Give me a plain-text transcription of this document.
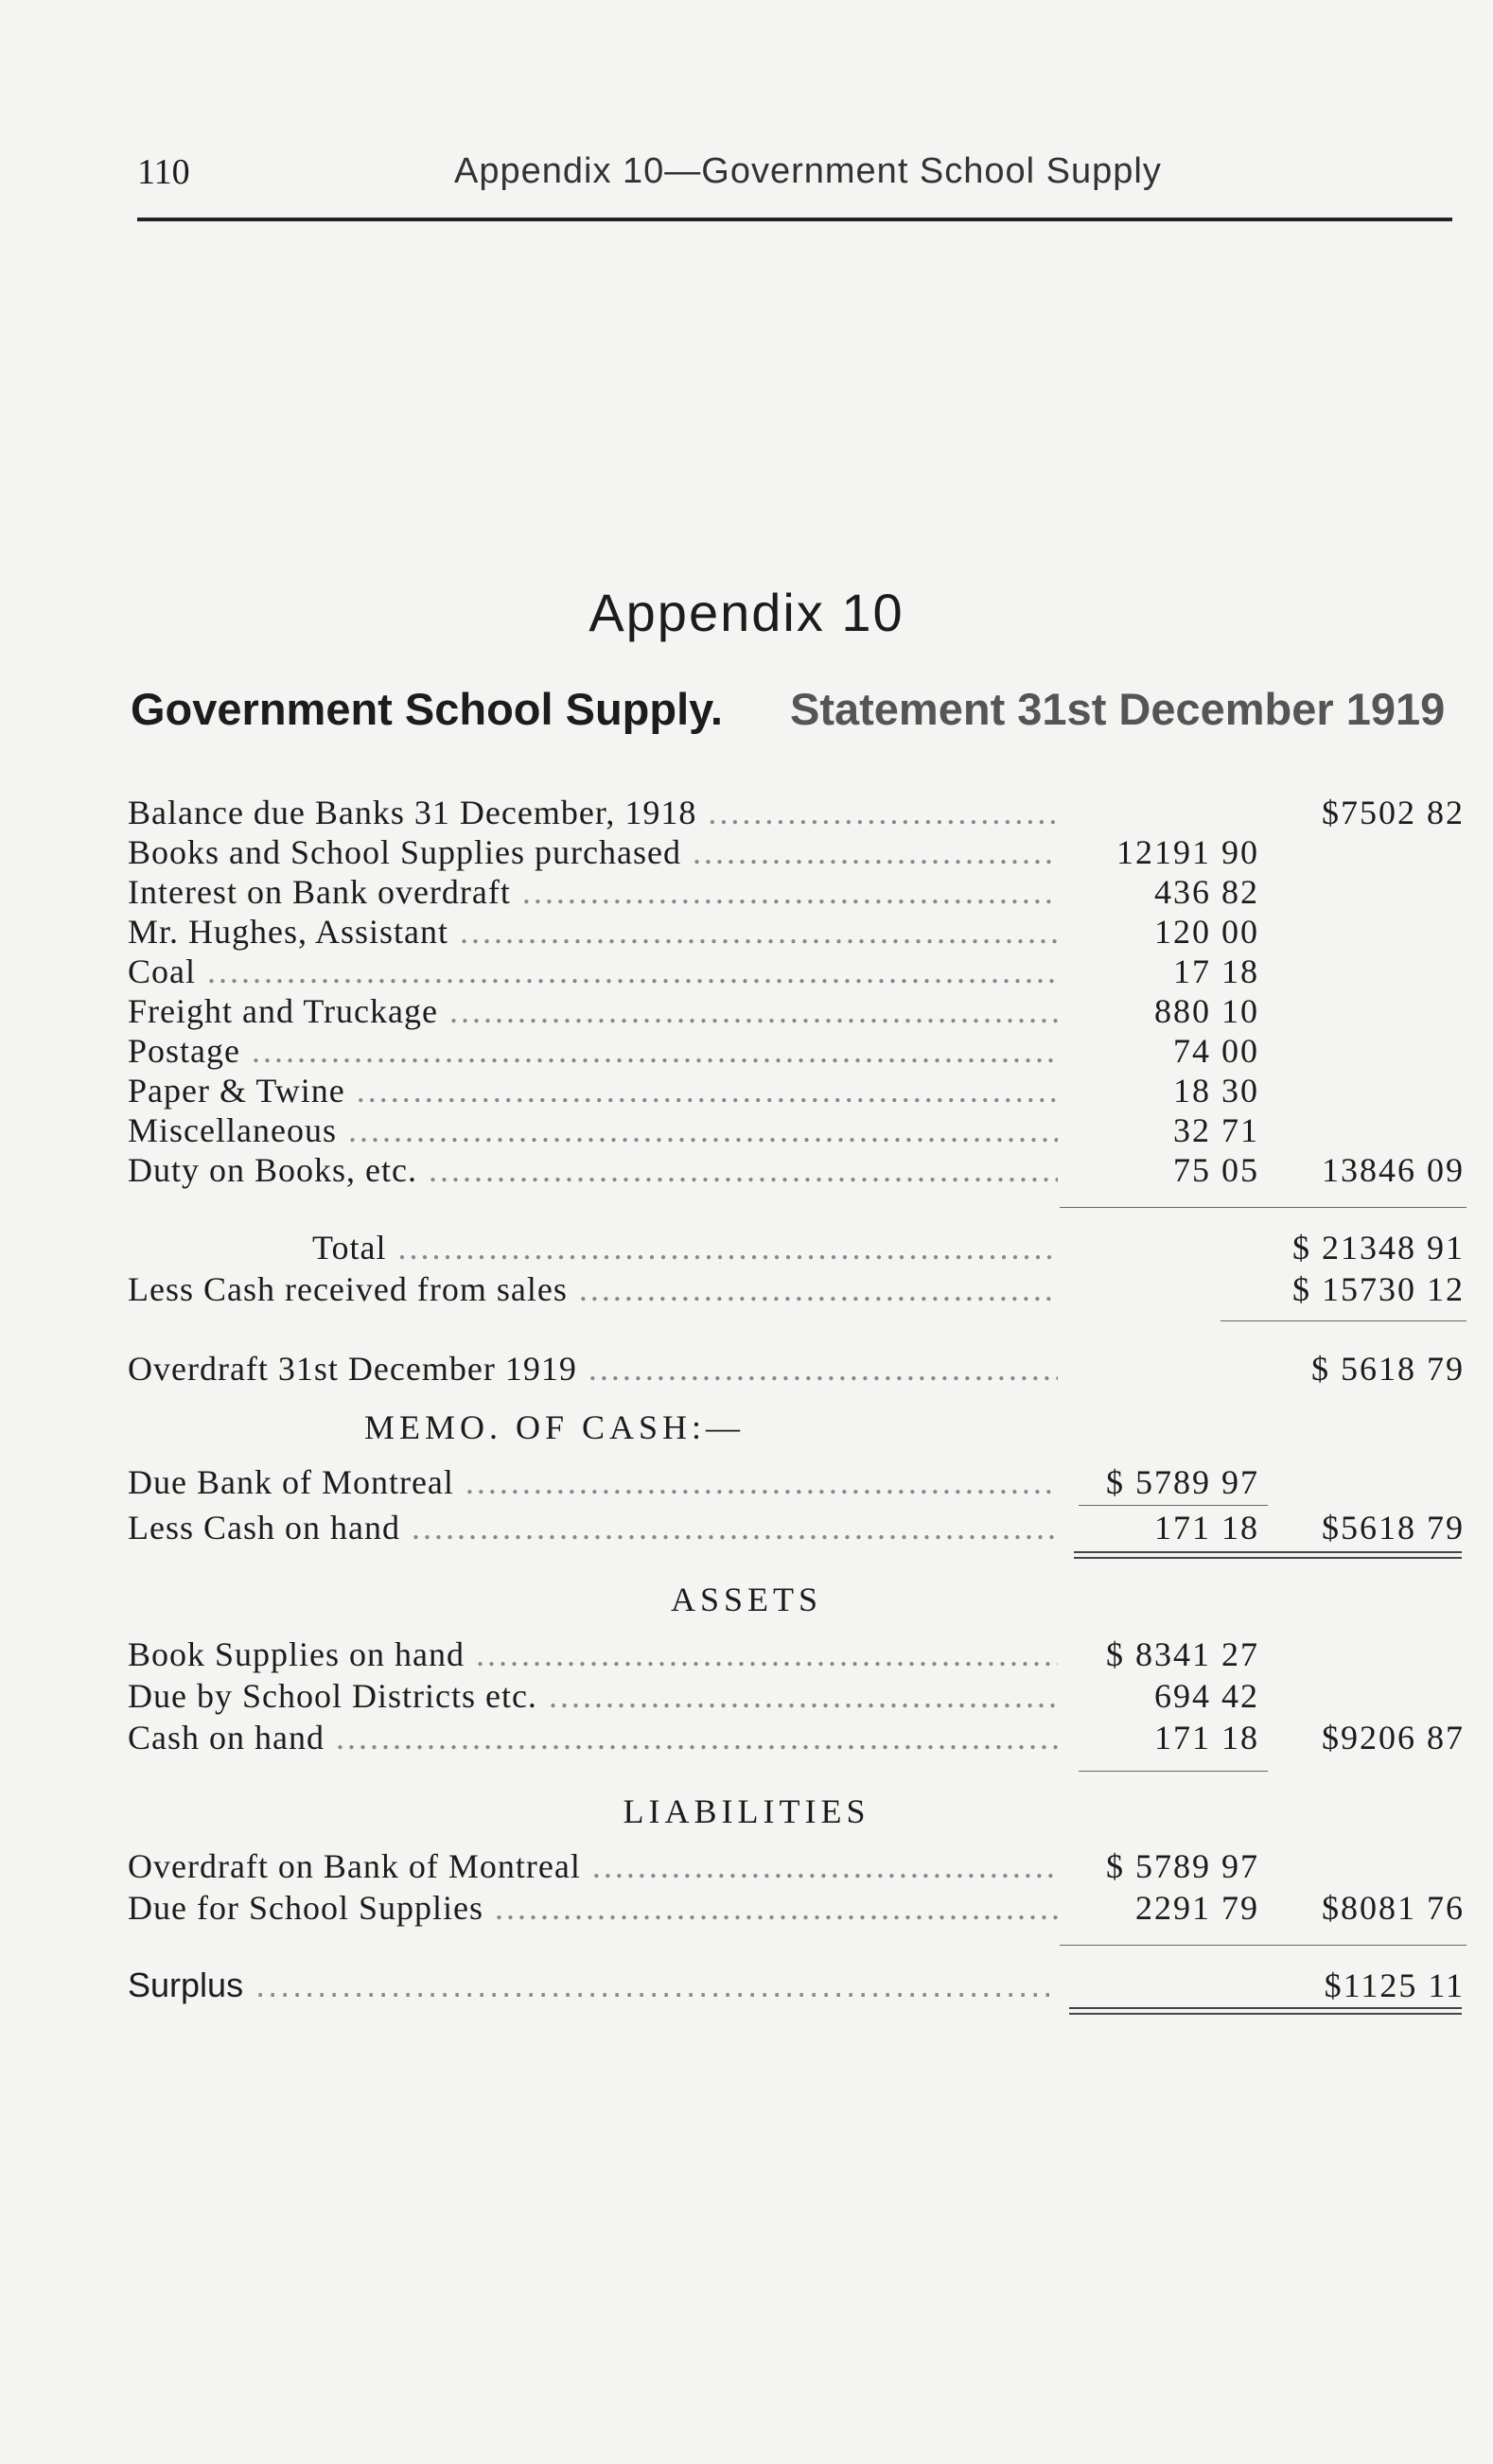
110	Appendix 10—Government School Supply
Appendix 10
Government School Supply. Statement 31st December 1919
Balance due Banks 31 December, 1918 .....	$7502 82
Books and School Supplies purchased .....	12191 90
Interest on Bank overdraft .....	436 82
Mr. Hughes, Assistant .....	120 00
Coal .....	17 18
Freight and Truckage .....	880 10
Postage .....	74 00
Paper & Twine .....	18 30
Miscellaneous .....	32 71
Duty on Books, etc. .....	75 05	13846 09
Total .....	$ 21348 91
Less Cash received from sales .....	$ 15730 12
Overdraft 31st December 1919 .....	$ 5618 79
MEMO. OF CASH:—
Due Bank of Montreal .....	$ 5789 97
Less Cash on hand .....	171 18	$5618 79
ASSETS
Book Supplies on hand .....	$ 8341 27
Due by School Districts etc. .....	694 42
Cash on hand .....	171 18	$9206 87
LIABILITIES
Overdraft on Bank of Montreal .....	$ 5789 97
Due for School Supplies .....	2291 79	$8081 76
Surplus .....	$1125 11
